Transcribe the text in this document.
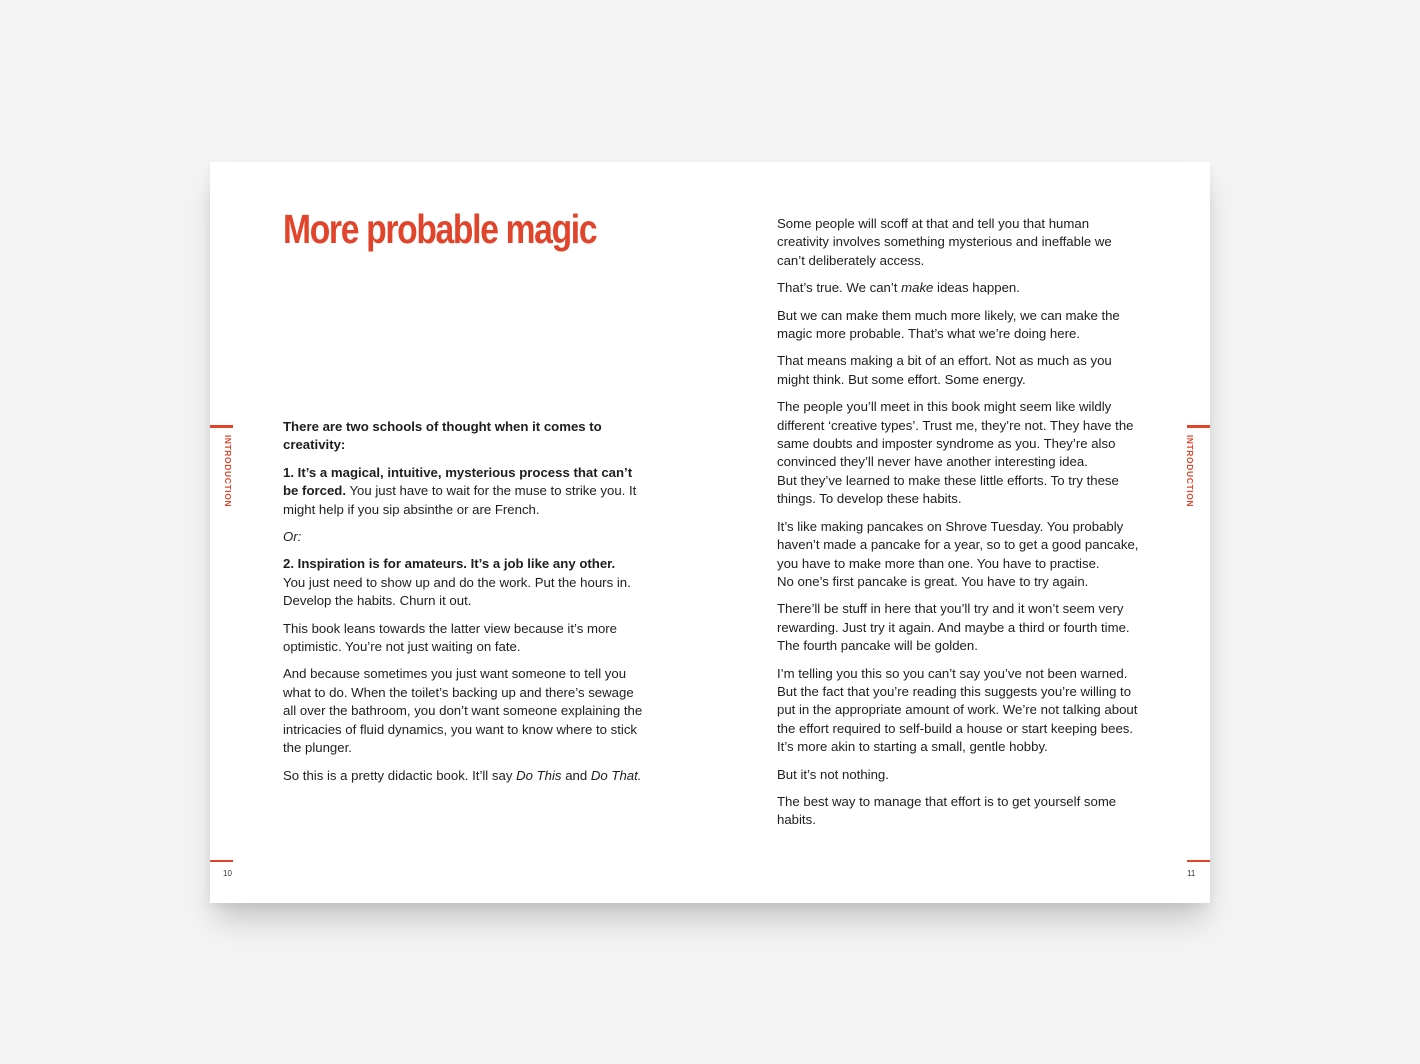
INTRODUCTION
10
INTRODUCTION
11
More probable magic

There are two schools of thought when it comes to creativity:

1. It’s a magical, intuitive, mysterious process that can’t be forced. You just have to wait for the muse to strike you. It might help if you sip absinthe or are French.

Or:

2. Inspiration is for amateurs. It’s a job like any other.
You just need to show up and do the work. Put the hours in. Develop the habits. Churn it out.

This book leans towards the latter view because it’s more optimistic. You’re not just waiting on fate.

And because sometimes you just want someone to tell you what to do. When the toilet’s backing up and there’s sewage all over the bathroom, you don’t want someone explaining the intricacies of fluid dynamics, you want to know where to stick the plunger.

So this is a pretty didactic book. It’ll say Do This and Do That.

Some people will scoff at that and tell you that human creativity involves something mysterious and ineffable we can’t deliberately access.

That’s true. We can’t make ideas happen.

But we can make them much more likely, we can make the magic more probable. That’s what we’re doing here.

That means making a bit of an effort. Not as much as you might think. But some effort. Some energy.

The people you’ll meet in this book might seem like wildly different ‘creative types’. Trust me, they’re not. They have the same doubts and imposter syndrome as you. They’re also convinced they’ll never have another interesting idea.
But they’ve learned to make these little efforts. To try these things. To develop these habits.

It’s like making pancakes on Shrove Tuesday. You probably haven’t made a pancake for a year, so to get a good pancake, you have to make more than one. You have to practise.
No one’s first pancake is great. You have to try again.

There’ll be stuff in here that you’ll try and it won’t seem very rewarding. Just try it again. And maybe a third or fourth time. The fourth pancake will be golden.

I’m telling you this so you can’t say you’ve not been warned. But the fact that you’re reading this suggests you’re willing to put in the appropriate amount of work. We’re not talking about the effort required to self-build a house or start keeping bees. It’s more akin to starting a small, gentle hobby.

But it’s not nothing.

The best way to manage that effort is to get yourself some habits.
